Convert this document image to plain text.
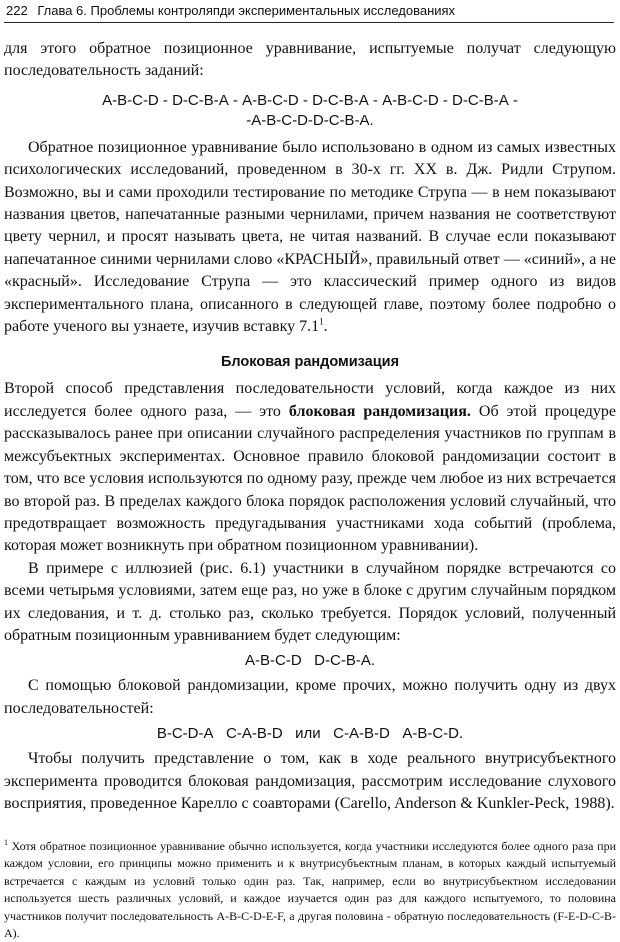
222 Глава 6. Проблемы контроляпди экспериментальных исследованиях

для этого обратное позиционное уравнивание, испытуемые получат следующую последовательность заданий:

А-В-С-D - D-С-В-А - А-В-С-D - D-С-В-А - А-В-С-D - D-С-В-А -
-А-В-С-D-D-С-В-А.

Обратное позиционное уравнивание было использовано в одном из самых известных психологических исследований, проведенном в 30-х гг. XX в. Дж. Ридли Струпом. Возможно, вы и сами проходили тестирование по методике Струпа — в нем показывают названия цветов, напечатанные разными чернилами, причем названия не соответствуют цвету чернил, и просят называть цвета, не читая названий. В случае если показывают напечатанное синими чернилами слово «КРАСНЫЙ», правильный ответ — «синий», а не «красный». Исследование Струпа — это классический пример одного из видов экспериментального плана, описанного в следующей главе, поэтому более подробно о работе ученого вы узнаете, изучив вставку $7.1^1$.

Блоковая рандомизация

Второй способ представления последовательности условий, когда каждое из них исследуется более одного раза, — это блоковая рандомизация. Об этой процедуре рассказывалось ранее при описании случайного распределения участников по группам в межсубъектных экспериментах. Основное правило блоковой рандомизации состоит в том, что все условия используются по одному разу, прежде чем любое из них встречается во второй раз. В пределах каждого блока порядок расположения условий случайный, что предотвращает возможность предугадывания участниками хода событий (проблема, которая может возникнуть при обратном позиционном уравнивании).

В примере с иллюзией (рис. 6.1) участники в случайном порядке встречаются со всеми четырьмя условиями, затем еще раз, но уже в блоке с другим случайным порядком их следования, и т. д. столько раз, сколько требуется. Порядок условий, полученный обратным позиционным уравниванием будет следующим:

А-В-С-D   D-С-В-А.

С помощью блоковой рандомизации, кроме прочих, можно получить одну из двух последовательностей:

В-С-D-А   С-А-В-D   или   С-А-В-D   А-В-С-D.

Чтобы получить представление о том, как в ходе реального внутрисубъектного эксперимента проводится блоковая рандомизация, рассмотрим исследование слухового восприятия, проведенное Карелло с соавторами (Carello, Anderson & Kunkler-Peck, 1988).

$^1$ Хотя обратное позиционное уравнивание обычно используется, когда участники исследуются более одного раза при каждом условии, его принципы можно применить и к внутрисубъектным планам, в которых каждый испытуемый встречается с каждым из условий только один раз. Так, например, если во внутрисубъектном исследовании используется шесть различных условий, и каждое изучается один раз для каждого испытуемого, то половина участников получит последовательность А-В-С-D-Е-F, а другая половина - обратную последовательность (F-Е-D-С-В-А).
